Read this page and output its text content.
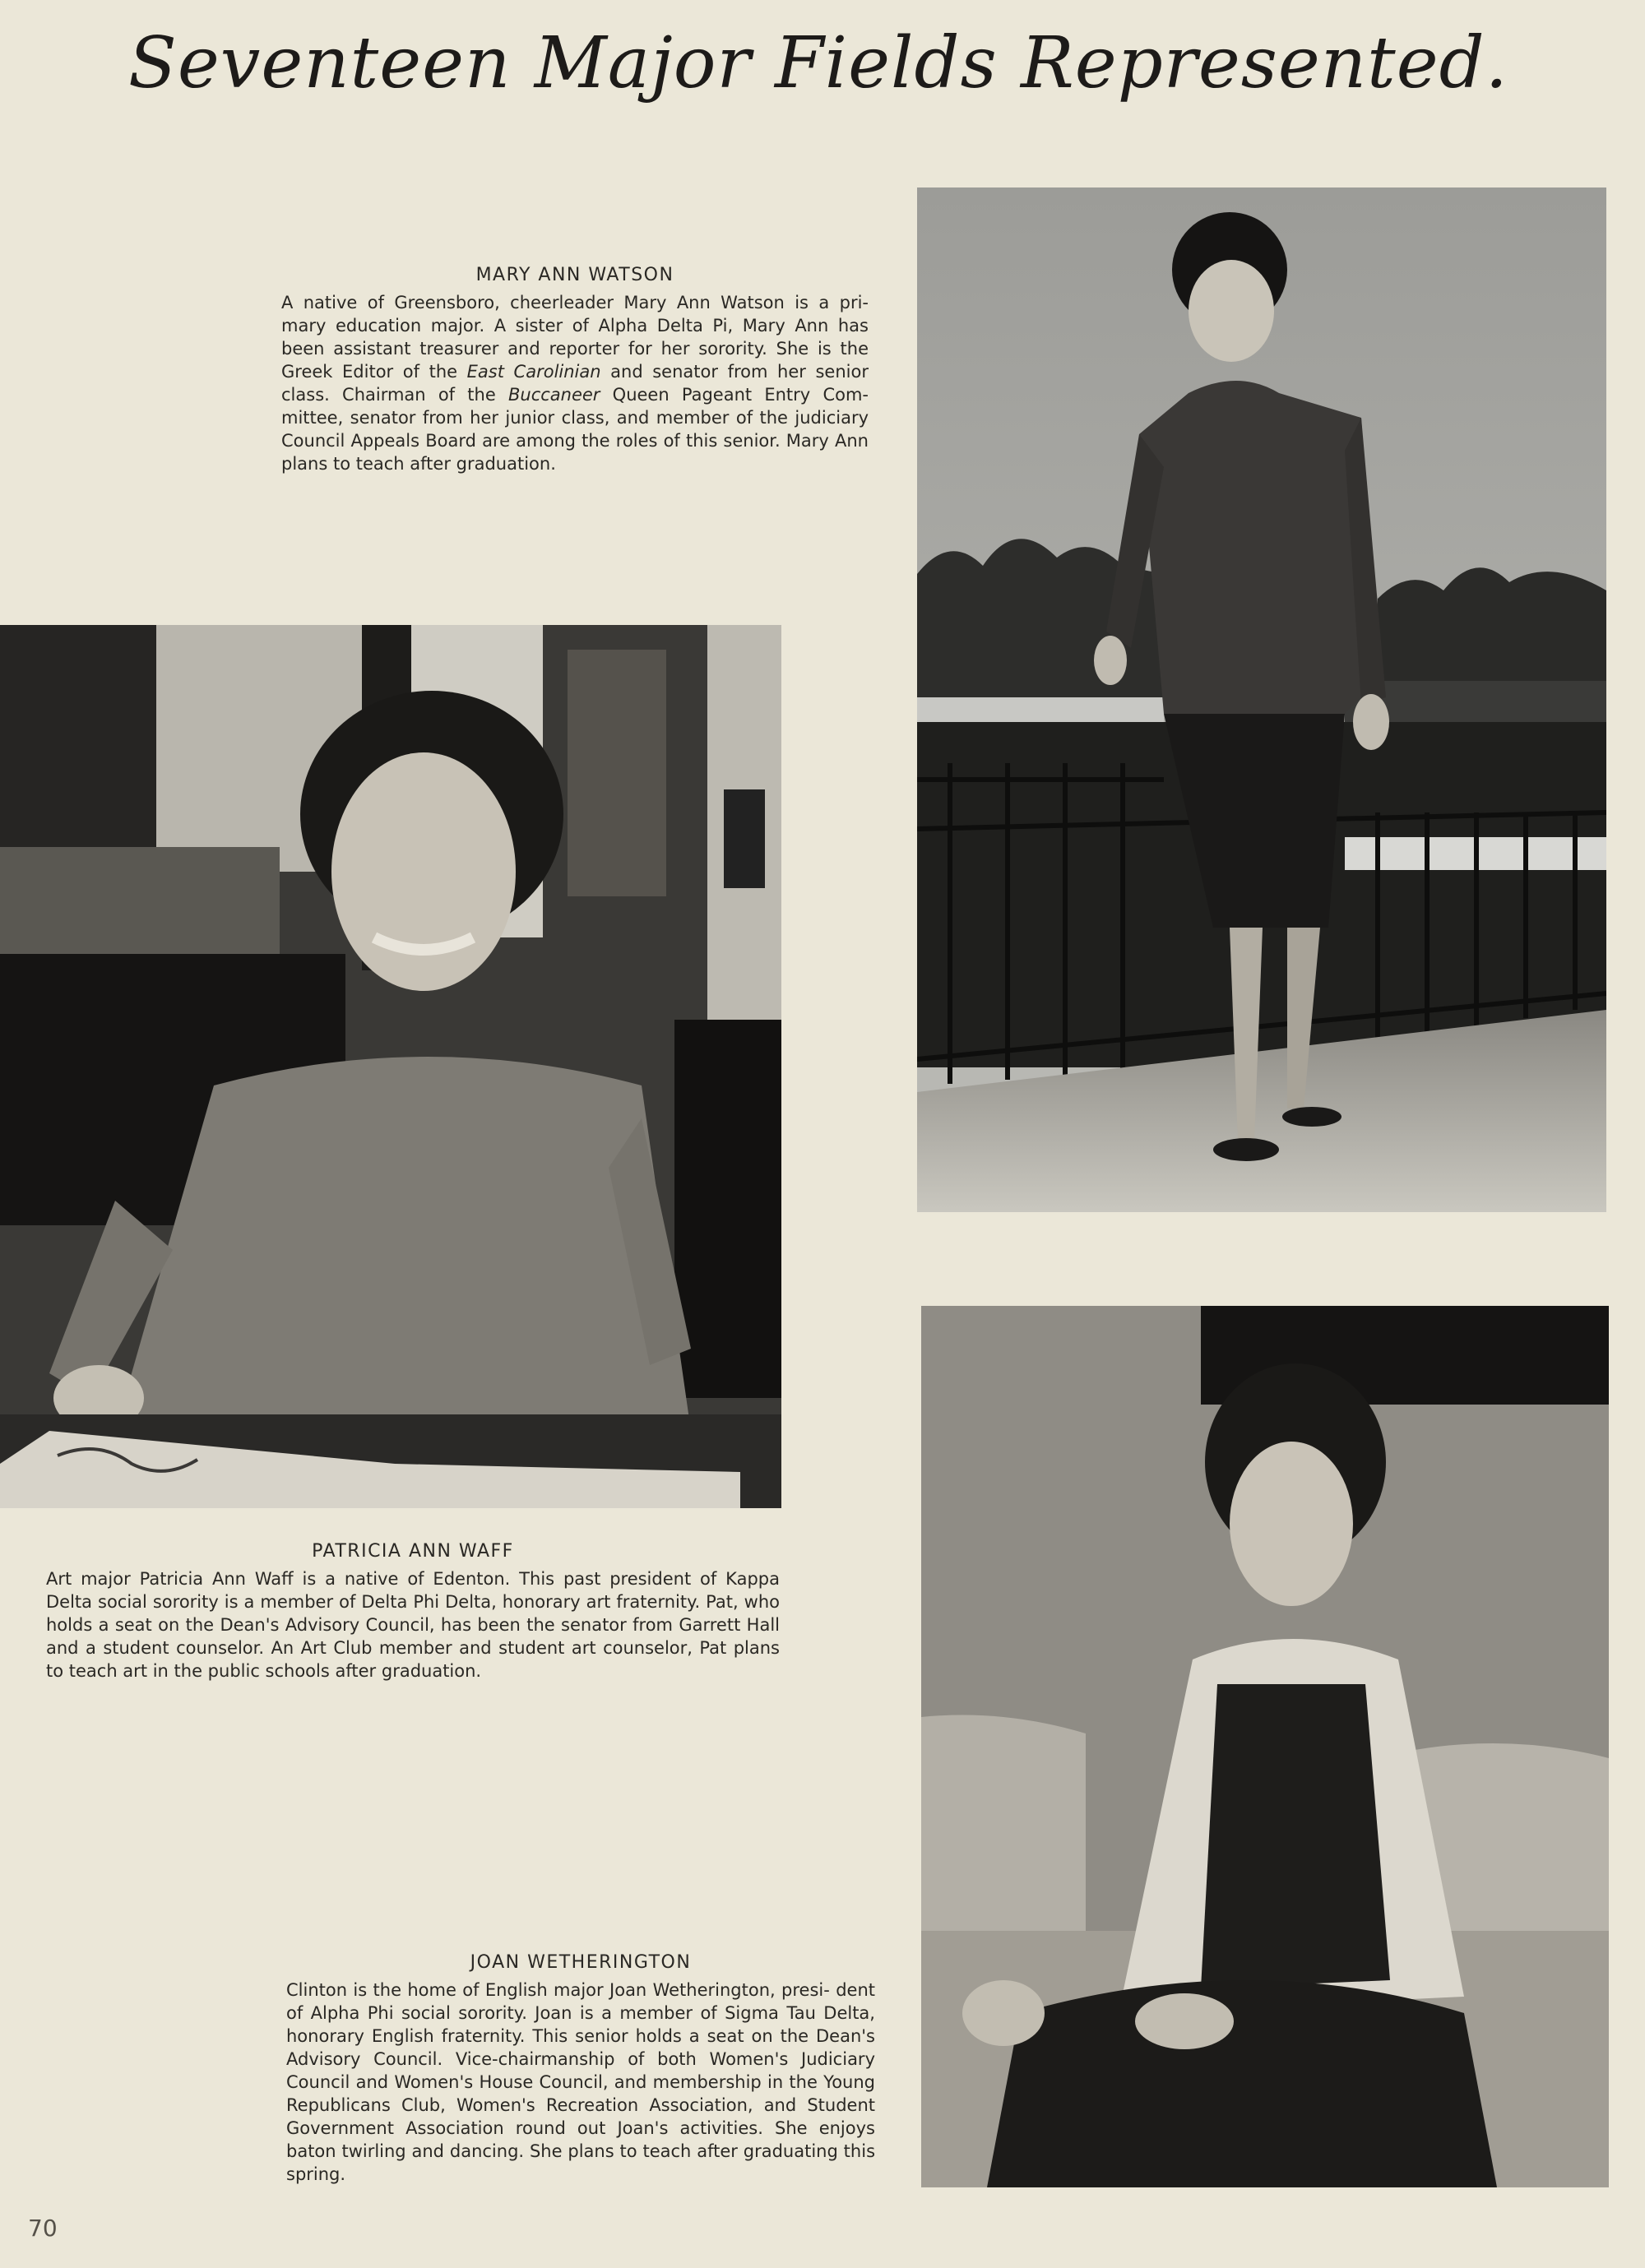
Seventeen Major Fields Represented.
MARY ANN WATSON
A native of Greensboro, cheerleader Mary Ann Watson is a pri- mary education major. A sister of Alpha Delta Pi, Mary Ann has been assistant treasurer and reporter for her sorority. She is the Greek Editor of the East Carolinian and senator from her senior class. Chairman of the Buccaneer Queen Pageant Entry Com- mittee, senator from her junior class, and member of the judiciary Council Appeals Board are among the roles of this senior. Mary Ann plans to teach after graduation.
PATRICIA ANN WAFF
Art major Patricia Ann Waff is a native of Edenton. This past president of Kappa Delta social sorority is a member of Delta Phi Delta, honorary art fraternity. Pat, who holds a seat on the Dean's Advisory Council, has been the senator from Garrett Hall and a student counselor. An Art Club member and student art counselor, Pat plans to teach art in the public schools after graduation.
JOAN WETHERINGTON
Clinton is the home of English major Joan Wetherington, presi- dent of Alpha Phi social sorority. Joan is a member of Sigma Tau Delta, honorary English fraternity. This senior holds a seat on the Dean's Advisory Council. Vice-chairmanship of both Women's Judiciary Council and Women's House Council, and membership in the Young Republicans Club, Women's Recreation Association, and Student Government Association round out Joan's activities. She enjoys baton twirling and dancing. She plans to teach after graduating this spring.
70
